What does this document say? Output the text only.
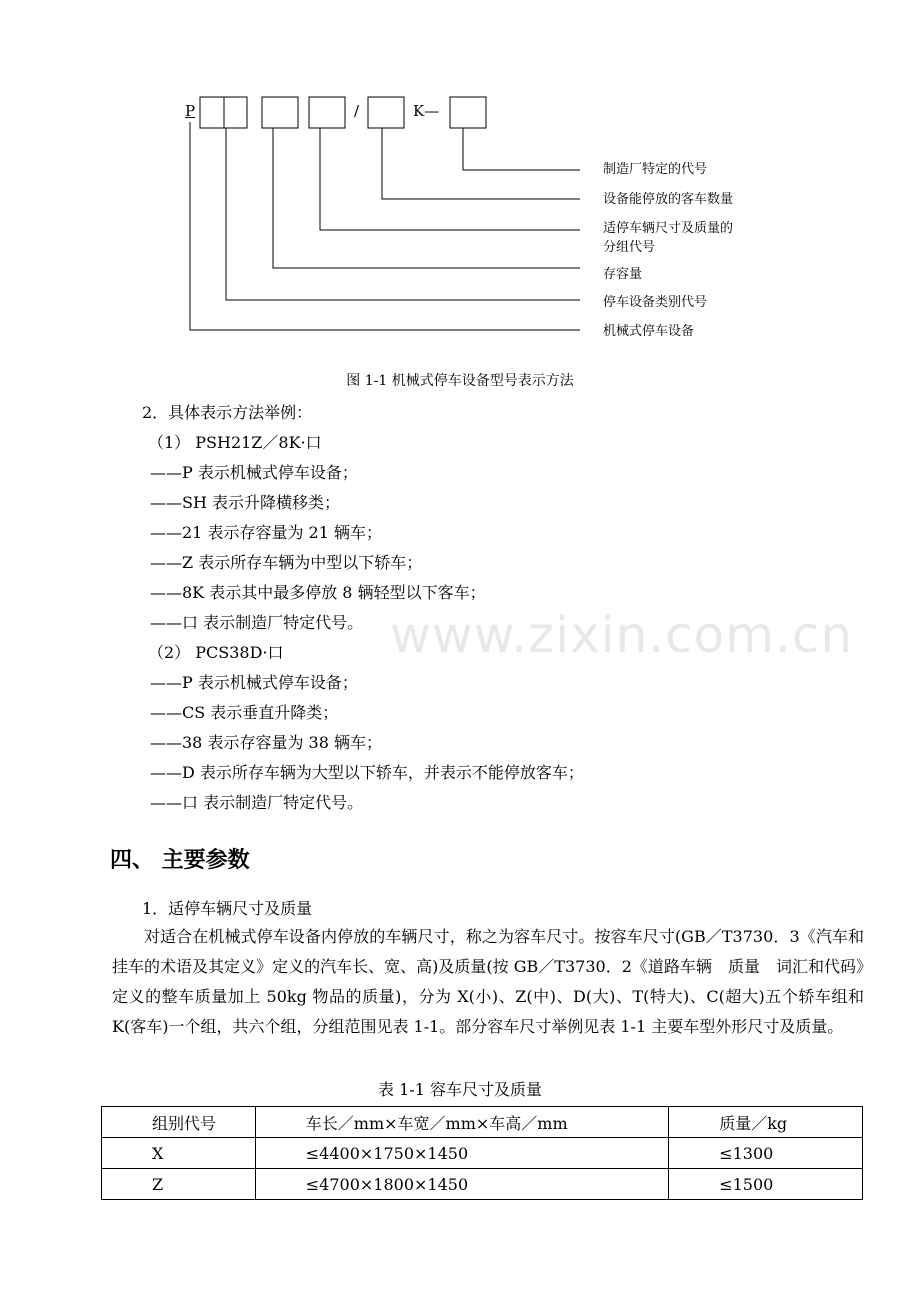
P	/	K—
制造厂特定的代号
设备能停放的客车数量
适停车辆尺寸及质量的
分组代号
存容量
停车设备类别代号
机械式停车设备
图 1-1 机械式停车设备型号表示方法
2．具体表示方法举例：
（1） PSH21Z／8K·口
——P 表示机械式停车设备；
——SH 表示升降横移类；
——21 表示存容量为 21 辆车；
——Z 表示所存车辆为中型以下轿车；
——8K 表示其中最多停放 8 辆轻型以下客车；
——口 表示制造厂特定代号。
（2） PCS38D·口
——P 表示机械式停车设备；
——CS 表示垂直升降类；
——38 表示存容量为 38 辆车；
——D 表示所存车辆为大型以下轿车，并表示不能停放客车；
——口 表示制造厂特定代号。
四、 主要参数
1．适停车辆尺寸及质量
对适合在机械式停车设备内停放的车辆尺寸，称之为容车尺寸。按容车尺寸(GB／T3730．3《汽车和挂车的术语及其定义》定义的汽车长、宽、高)及质量(按 GB／T3730．2《道路车辆　质量　词汇和代码》定义的整车质量加上 50kg 物品的质量)，分为 X(小)、Z(中)、D(大)、T(特大)、C(超大)五个轿车组和 K(客车)一个组，共六个组，分组范围见表 1-1。部分容车尺寸举例见表 1-1 主要车型外形尺寸及质量。
表 1-1 容车尺寸及质量
组别代号	车长／mm×车宽／mm×车高／mm	质量／kg
X	≤4400×1750×1450	≤1300
Z	≤4700×1800×1450	≤1500
www.zixin.com.cn
